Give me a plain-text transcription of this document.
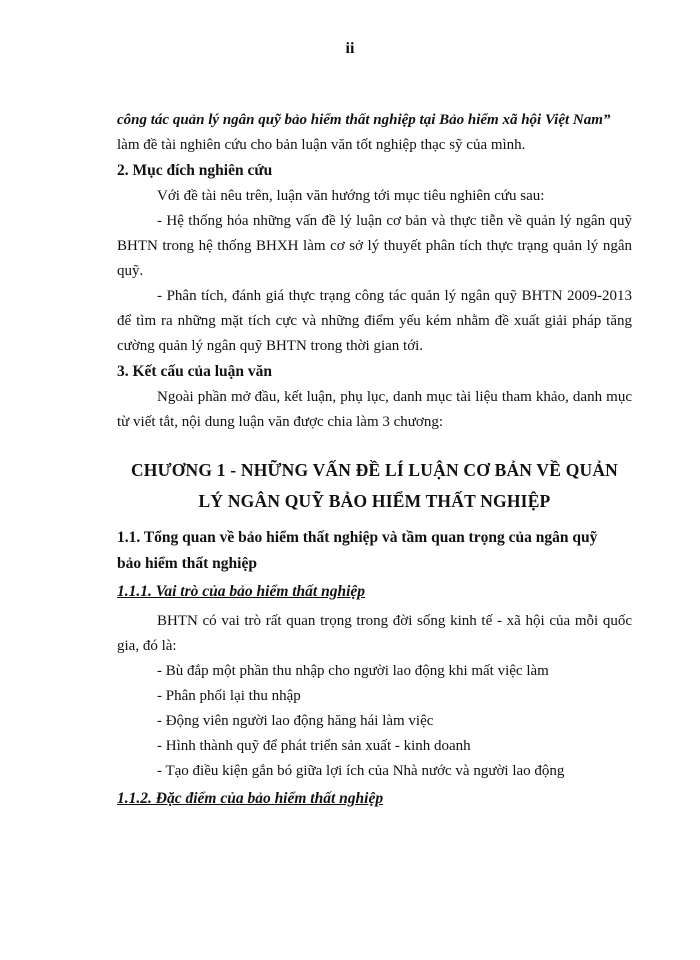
ii

công tác quản lý ngân quỹ bảo hiểm thất nghiệp tại Bảo hiểm xã hội Việt Nam”

làm đề tài nghiên cứu cho bản luận văn tốt nghiệp thạc sỹ của mình.

2. Mục đích nghiên cứu

Với đề tài nêu trên, luận văn hướng tới mục tiêu nghiên cứu sau:

- Hệ thống hóa những vấn đề lý luận cơ bản và thực tiễn về quản lý ngân quỹ BHTN trong hệ thống BHXH làm cơ sở lý thuyết phân tích thực trạng quản lý ngân quỹ.

- Phân tích, đánh giá thực trạng công tác quản lý ngân quỹ BHTN 2009-2013 để tìm ra những mặt tích cực và những điểm yếu kém nhằm đề xuất giải pháp tăng cường quản lý ngân quỹ BHTN trong thời gian tới.

3. Kết cấu của luận văn

Ngoài phần mở đầu, kết luận, phụ lục, danh mục tài liệu tham khảo, danh mục từ viết tắt, nội dung luận văn được chia làm 3 chương:

CHƯƠNG 1 - NHỮNG VẤN ĐỀ LÍ LUẬN CƠ BẢN VỀ QUẢN
LÝ NGÂN QUỸ BẢO HIỂM THẤT NGHIỆP
1.1. Tổng quan về bảo hiểm thất nghiệp và tầm quan trọng của ngân quỹ
bảo hiểm thất nghiệp
1.1.1. Vai trò của bảo hiểm thất nghiệp

BHTN có vai trò rất quan trọng trong đời sống kinh tế - xã hội của mỗi quốc gia, đó là:

- Bù đắp một phần thu nhập cho người lao động khi mất việc làm

- Phân phối lại thu nhập

- Động viên người lao động hăng hái làm việc

- Hình thành quỹ để phát triển sản xuất - kinh doanh

- Tạo điều kiện gắn bó giữa lợi ích của Nhà nước và người lao động

1.1.2. Đặc điểm của bảo hiểm thất nghiệp
